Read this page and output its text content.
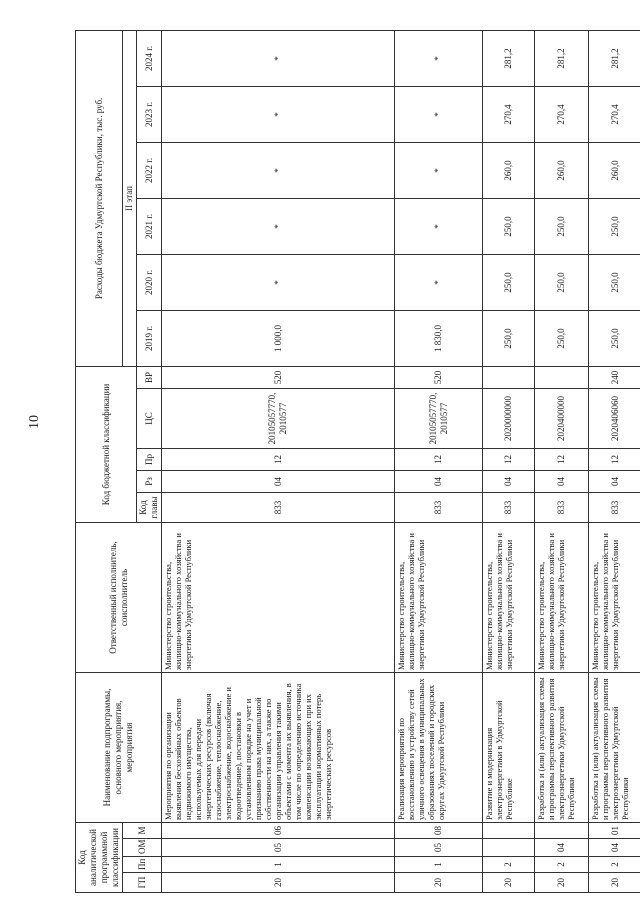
10
Код аналитической программной классификации				Наименование подпрограммы, основного мероприятия, мероприятия	Ответственный исполнитель, соисполнитель	Код бюджетной классификации					Расходы бюджета Удмуртской Республики, тыс. руб.					
ГП	Пп	ОМ	М								II этап					
						Код главы	Рз	Пр	ЦС	ВР	2019 г.	2020 г.	2021 г.	2022 г.	2023 г.	2024 г.
20	1	05	06	Мероприятия по организации выявления бесхозяйных объектов недвижимого имущества, используемых для передачи энергетических ресурсов (включая газоснабжение, теплоснабжение, электроснабжение, водоснабжение и водоотведение), постановки в установленном порядке на учет и признанию права муниципальной собственности на них, а также по организации управления такими объектами с момента их выявления, в том числе по определению источника компенсации возникающих при их эксплуатации нормативных потерь энергетических ресурсов	Министерство строительства, жилищно-коммунального хозяйства и энергетики Удмуртской Республики	833	04	12	20105057770, 2010577	520	1 000,0	*	*	*	*	*
20	1	05	08	Реализация мероприятий по восстановлению и устройству сетей уличного освещения в муниципальных образованиях поселений и городских округах Удмуртской Республики	Министерство строительства, жилищно-коммунального хозяйства и энергетики Удмуртской Республики	833	04	12	20105057770, 2010577	520	1 830,0	*	*	*	*	*
20	2			Развитие и модернизация электроэнергетики в Удмуртской Республике	Министерство строительства, жилищно-коммунального хозяйства и энергетики Удмуртской Республики	833	04	12	2020000000		250,0	250,0	250,0	260,0	270,4	281,2
20	2	04		Разработка и (или) актуализация схемы и программы перспективного развития электроэнергетики Удмуртской Республики	Министерство строительства, жилищно-коммунального хозяйства и энергетики Удмуртской Республики	833	04	12	2020400000		250,0	250,0	250,0	260,0	270,4	281,2
20	2	04	01	Разработка и (или) актуализация схемы и программы перспективного развития электроэнергетики Удмуртской Республики	Министерство строительства, жилищно-коммунального хозяйства и энергетики Удмуртской Республики	833	04	12	2020406060	240	250,0	250,0	250,0	260,0	270,4	281,2
